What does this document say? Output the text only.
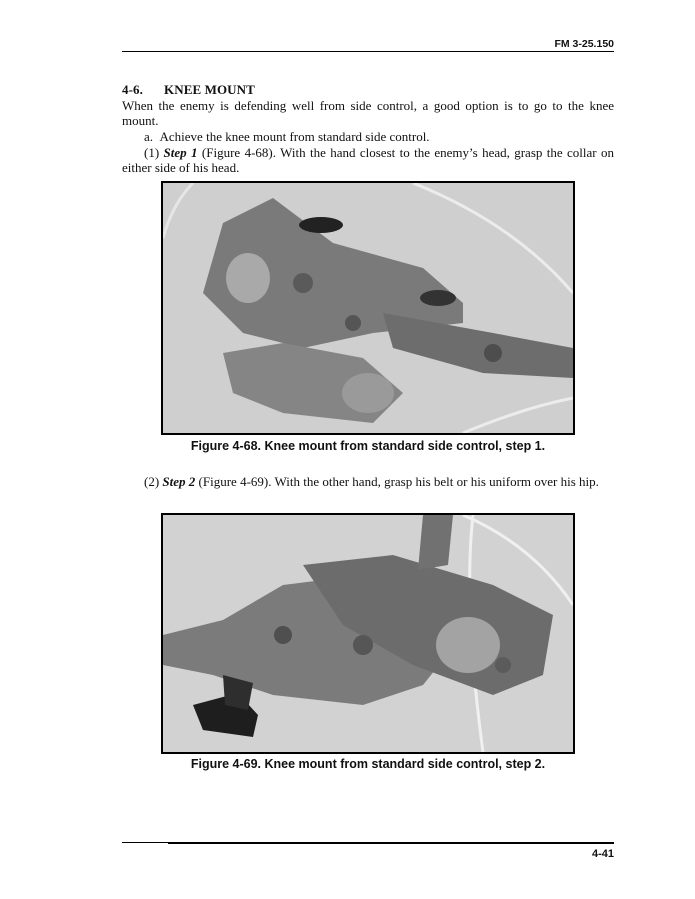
FM 3-25.150
4-6. KNEE MOUNT
When the enemy is defending well from side control, a good option is to go to the knee mount.
a.  Achieve the knee mount from standard side control.
(1) Step 1 (Figure 4-68). With the hand closest to the enemy’s head, grasp the collar on either side of his head.
Figure 4-68. Knee mount from standard side control, step 1.
(2) Step 2 (Figure 4-69). With the other hand, grasp his belt or his uniform over his hip.
Figure 4-69. Knee mount from standard side control, step 2.
4-41
